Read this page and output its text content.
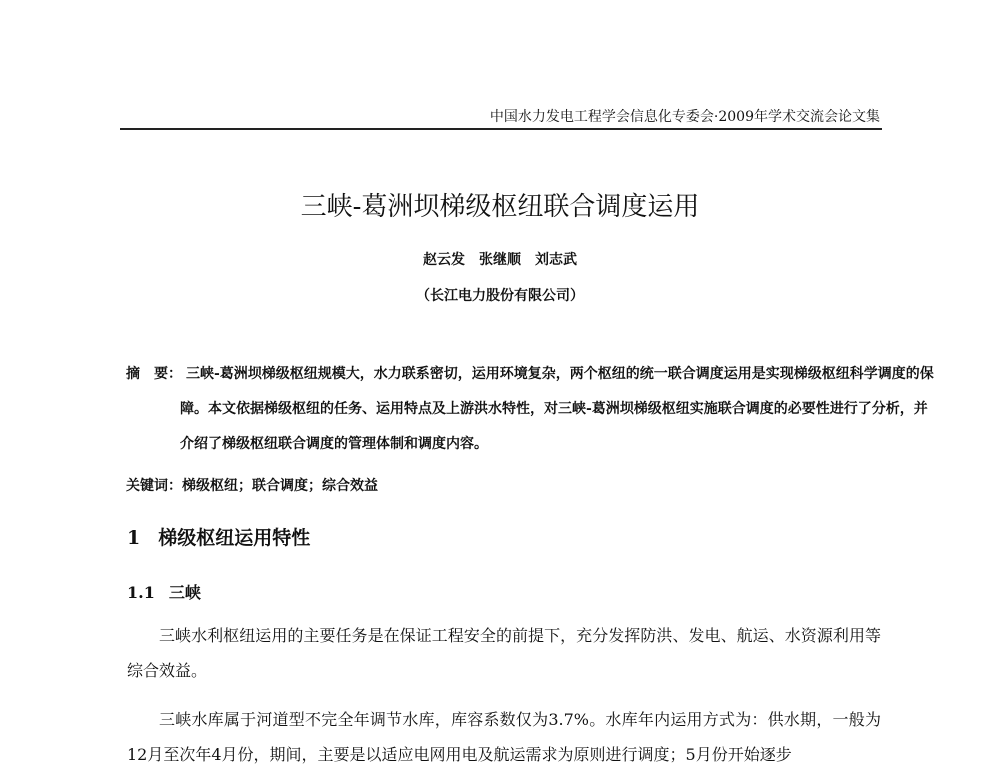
中国水力发电工程学会信息化专委会·2009年学术交流会论文集
三峡-葛洲坝梯级枢纽联合调度运用
赵云发　张继顺　刘志武
（长江电力股份有限公司）
摘　要： 三峡-葛洲坝梯级枢纽规模大，水力联系密切，运用环境复杂，两个枢纽的统一联合调度运用是实现梯级枢纽科学调度的保障。本文依据梯级枢纽的任务、运用特点及上游洪水特性，对三峡-葛洲坝梯级枢纽实施联合调度的必要性进行了分析，并介绍了梯级枢纽联合调度的管理体制和调度内容。
关键词：梯级枢纽；联合调度；综合效益
1 梯级枢纽运用特性
1.1 三峡

三峡水利枢纽运用的主要任务是在保证工程安全的前提下，充分发挥防洪、发电、航运、水资源利用等综合效益。

三峡水库属于河道型不完全年调节水库，库容系数仅为3.7%。水库年内运用方式为：供水期，一般为12月至次年4月份，期间，主要是以适应电网用电及航运需求为原则进行调度；5月份开始逐步
